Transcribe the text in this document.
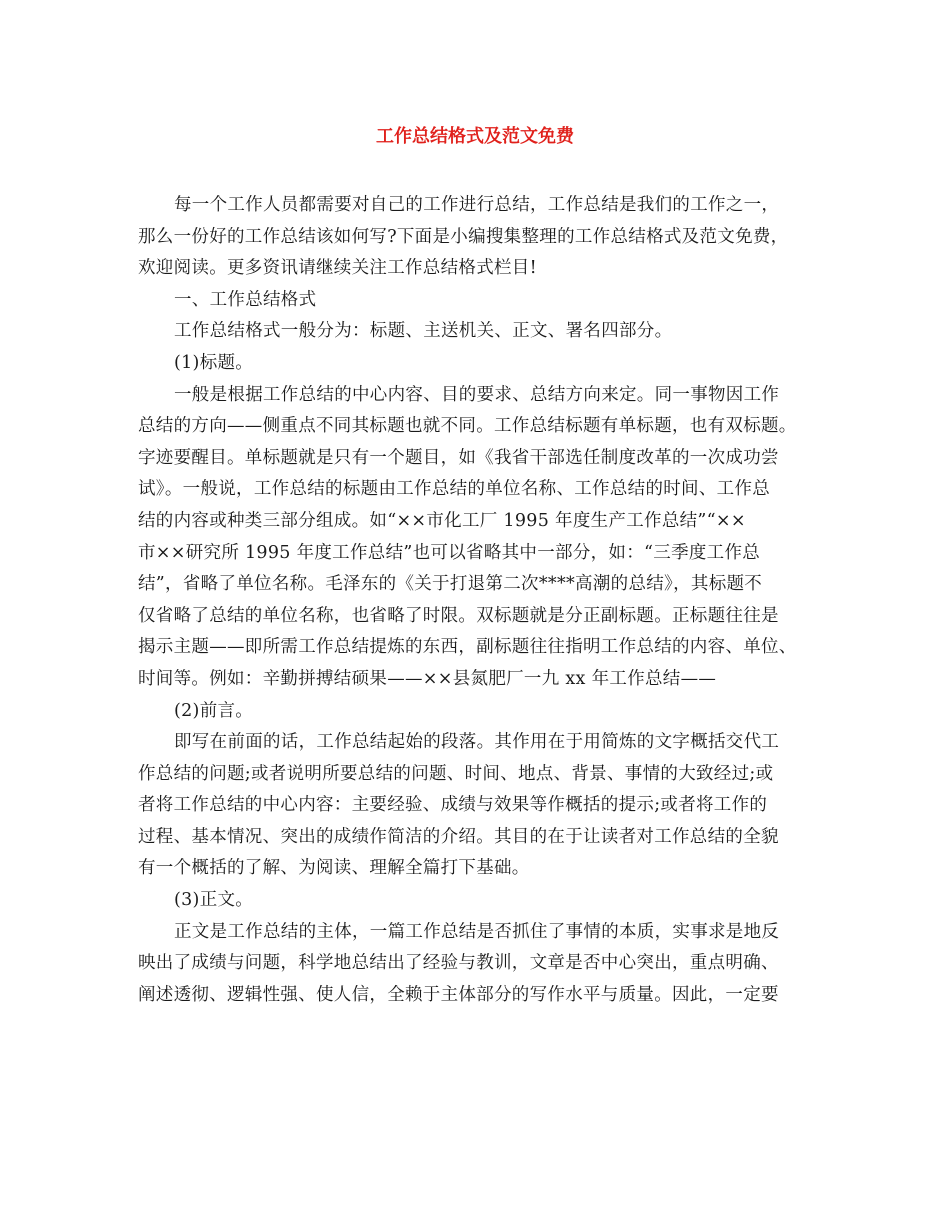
工作总结格式及范文免费
每一个工作人员都需要对自己的工作进行总结，工作总结是我们的工作之一，
那么一份好的工作总结该如何写?下面是小编搜集整理的工作总结格式及范文免费，
欢迎阅读。更多资讯请继续关注工作总结格式栏目!
一、工作总结格式
工作总结格式一般分为：标题、主送机关、正文、署名四部分。
(1)标题。
一般是根据工作总结的中心内容、目的要求、总结方向来定。同一事物因工作
总结的方向——侧重点不同其标题也就不同。工作总结标题有单标题，也有双标题。
字迹要醒目。单标题就是只有一个题目，如《我省干部选任制度改革的一次成功尝
试》。一般说，工作总结的标题由工作总结的单位名称、工作总结的时间、工作总
结的内容或种类三部分组成。如“××市化工厂 1995 年度生产工作总结”“××
市××研究所 1995 年度工作总结”也可以省略其中一部分，如：“三季度工作总
结”，省略了单位名称。毛泽东的《关于打退第二次****高潮的总结》，其标题不
仅省略了总结的单位名称，也省略了时限。双标题就是分正副标题。正标题往往是
揭示主题——即所需工作总结提炼的东西，副标题往往指明工作总结的内容、单位、
时间等。例如：辛勤拼搏结硕果——××县氮肥厂一九 xx 年工作总结——
(2)前言。
即写在前面的话，工作总结起始的段落。其作用在于用简炼的文字概括交代工
作总结的问题;或者说明所要总结的问题、时间、地点、背景、事情的大致经过;或
者将工作总结的中心内容：主要经验、成绩与效果等作概括的提示;或者将工作的
过程、基本情况、突出的成绩作简洁的介绍。其目的在于让读者对工作总结的全貌
有一个概括的了解、为阅读、理解全篇打下基础。
(3)正文。
正文是工作总结的主体，一篇工作总结是否抓住了事情的本质，实事求是地反
映出了成绩与问题，科学地总结出了经验与教训，文章是否中心突出，重点明确、
阐述透彻、逻辑性强、使人信，全赖于主体部分的写作水平与质量。因此，一定要
